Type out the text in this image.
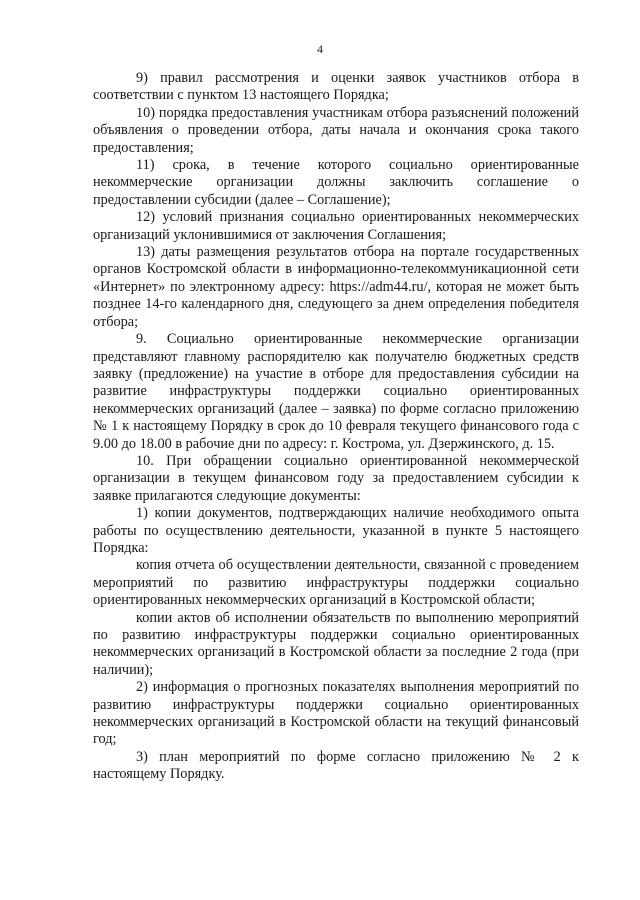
4

9) правил рассмотрения и оценки заявок участников отбора в соответствии с пунктом 13 настоящего Порядка;

10) порядка предоставления участникам отбора разъяснений положений объявления о проведении отбора, даты начала и окончания срока такого предоставления;

11) срока, в течение которого социально ориентированные некоммерческие организации должны заключить соглашение о предоставлении субсидии (далее – Соглашение);

12) условий признания социально ориентированных некоммерческих организаций уклонившимися от заключения Соглашения;

13) даты размещения результатов отбора на портале государственных органов Костромской области в информационно-телекоммуникационной сети «Интернет» по электронному адресу: https://adm44.ru/, которая не может быть позднее 14-го календарного дня, следующего за днем определения победителя отбора;

9. Социально ориентированные некоммерческие организации представляют главному распорядителю как получателю бюджетных средств заявку (предложение) на участие в отборе для предоставления субсидии на развитие инфраструктуры поддержки социально ориентированных некоммерческих организаций (далее – заявка) по форме согласно приложению № 1 к настоящему Порядку в срок до 10 февраля текущего финансового года с 9.00 до 18.00 в рабочие дни по адресу: г. Кострома, ул. Дзержинского, д. 15.

10. При обращении социально ориентированной некоммерческой организации в текущем финансовом году за предоставлением субсидии к заявке прилагаются следующие документы:

1) копии документов, подтверждающих наличие необходимого опыта работы по осуществлению деятельности, указанной в пункте 5 настоящего Порядка:

копия отчета об осуществлении деятельности, связанной с проведением мероприятий по развитию инфраструктуры поддержки социально ориентированных некоммерческих организаций в Костромской области;

копии актов об исполнении обязательств по выполнению мероприятий по развитию инфраструктуры поддержки социально ориентированных некоммерческих организаций в Костромской области за последние 2 года (при наличии);

2) информация о прогнозных показателях выполнения мероприятий по развитию инфраструктуры поддержки социально ориентированных некоммерческих организаций в Костромской области на текущий финансовый год;

3) план мероприятий по форме согласно приложению № 2 к настоящему Порядку.
